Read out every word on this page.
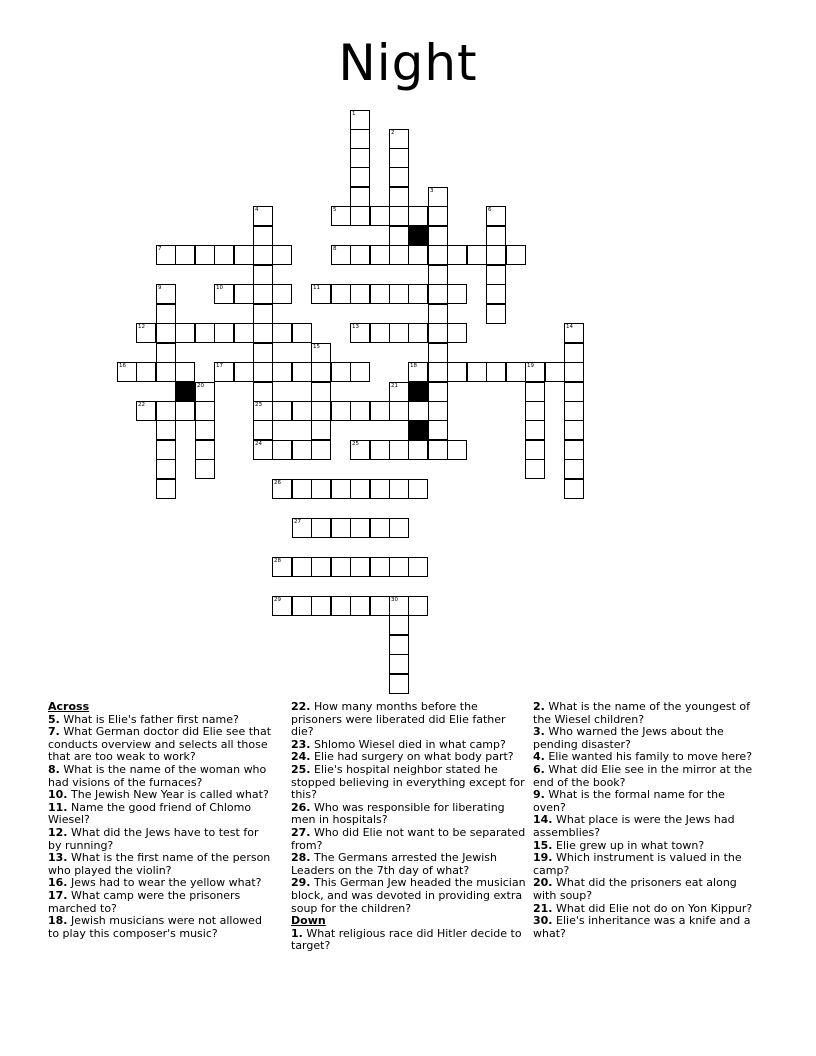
Night
1
2
3
4
23
24
5	6
7	8
9	10	11
12	13	14
15
16	17	18	19
20
22
25
26
27
28
29	30
21
Across
5. What is Elie's father first name?
7. What German doctor did Elie see that conducts overview and selects all those that are too weak to work?
8. What is the name of the woman who had visions of the furnaces?
10. The Jewish New Year is called what?
11. Name the good friend of Chlomo Wiesel?
12. What did the Jews have to test for by running?
13. What is the first name of the person who played the violin?
16. Jews had to wear the yellow what?
17. What camp were the prisoners marched to?
18. Jewish musicians were not allowed to play this composer's music?
22. How many months before the prisoners were liberated did Elie father die?
23. Shlomo Wiesel died in what camp?
24. Elie had surgery on what body part?
25. Elie's hospital neighbor stated he stopped believing in everything except for this?
26. Who was responsible for liberating men in hospitals?
27. Who did Elie not want to be separated from?
28. The Germans arrested the Jewish Leaders on the 7th day of what?
29. This German Jew headed the musician block, and was devoted in providing extra soup for the children?
Down
1. What religious race did Hitler decide to target?
2. What is the name of the youngest of the Wiesel children?
3. Who warned the Jews about the pending disaster?
4. Elie wanted his family to move here?
6. What did Elie see in the mirror at the end of the book?
9. What is the formal name for the oven?
14. What place is were the Jews had assemblies?
15. Elie grew up in what town?
19. Which instrument is valued in the camp?
20. What did the prisoners eat along with soup?
21. What did Elie not do on Yon Kippur?
30. Elie's inheritance was a knife and a what?
